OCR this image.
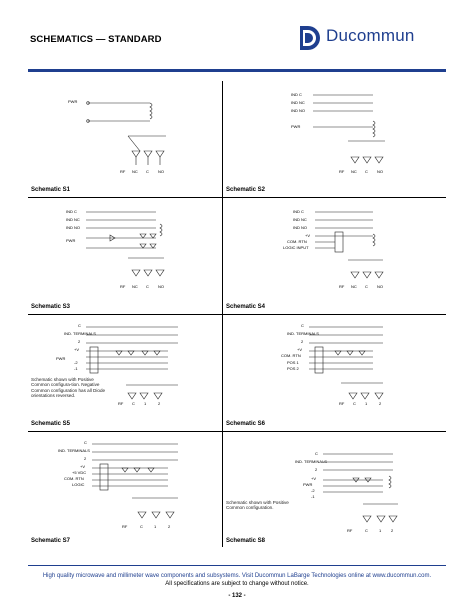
SCHEMATICS — STANDARD	Ducommun
PWR
RF NC C NO
Schematic S1
IND C
IND NC
IND NO
PWR
RF NC C NO
Schematic S2
IND C
IND NC
IND NO
PWR
RF NC C NO
Schematic S3
IND C
IND NC
IND NO
+V
COM. RTN
LOGIC INPUT
RF NC C NO
Schematic S4
C
IND. TERMINALS
2
+V
PWR
-2
-1
RF C 1	2
Schematic shown with Positive Common configura-tion. Negative Common configuration has all Diode orientations reversed.
Schematic S5
C
IND. TERMINALS
2
+V
COM. RTN
POS 1
POS 2
RF C 1	2
Schematic S6
C
IND. TERMINALS
2
+V
+5 VDC
COM. RTN
LOGIC
RF	C	1	2
Schematic S7
C
IND. TERMINALS
2
+V
PWR
-2
-1
RF	C	1 2
Schematic shown with Positive Common configuration.
Schematic S8
High quality microwave and millimeter wave components and subsystems. Visit Ducommun LaBarge Technologies online at www.ducommun.com.
All specifications are subject to change without notice.
- 132 -
